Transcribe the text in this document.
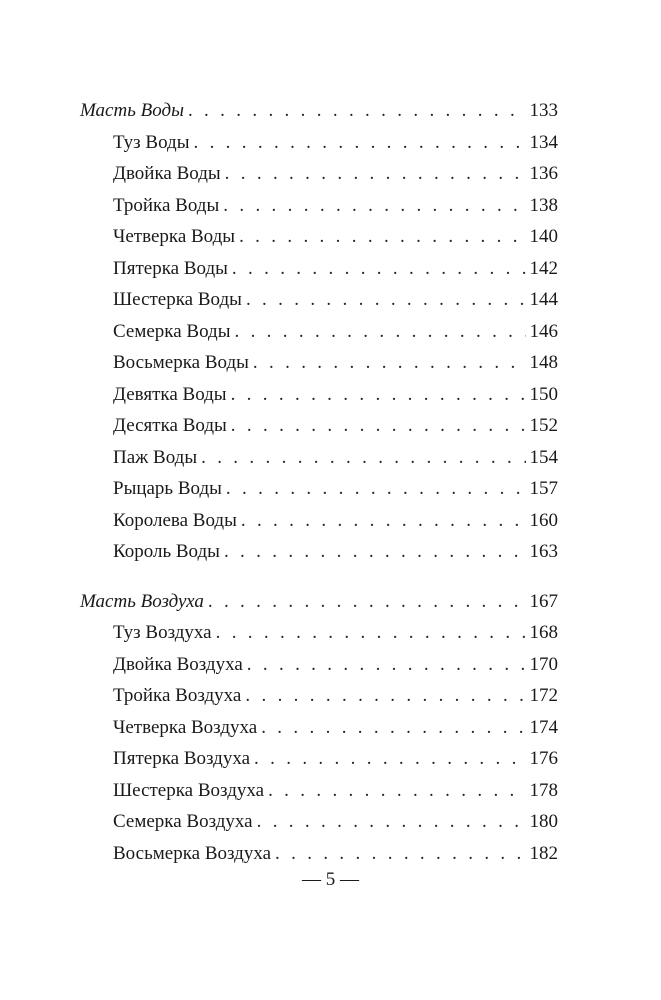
Масть Воды . . .	133
Туз Воды . . .	134
Двойка Воды . . .	136
Тройка Воды . . .	138
Четверка Воды . . .	140
Пятерка Воды . . .	142
Шестерка Воды . . .	144
Семерка Воды . . .	146
Восьмерка Воды . . .	148
Девятка Воды . . .	150
Десятка Воды . . .	152
Паж Воды . . .	154
Рыцарь Воды . . .	157
Королева Воды . . .	160
Король Воды . . .	163
Масть Воздуха . . .	167
Туз Воздуха . . .	168
Двойка Воздуха . . .	170
Тройка Воздуха . . .	172
Четверка Воздуха . . .	174
Пятерка Воздуха . . .	176
Шестерка Воздуха . . .	178
Семерка Воздуха . . .	180
Восьмерка Воздуха . . .	182
— 5 —
